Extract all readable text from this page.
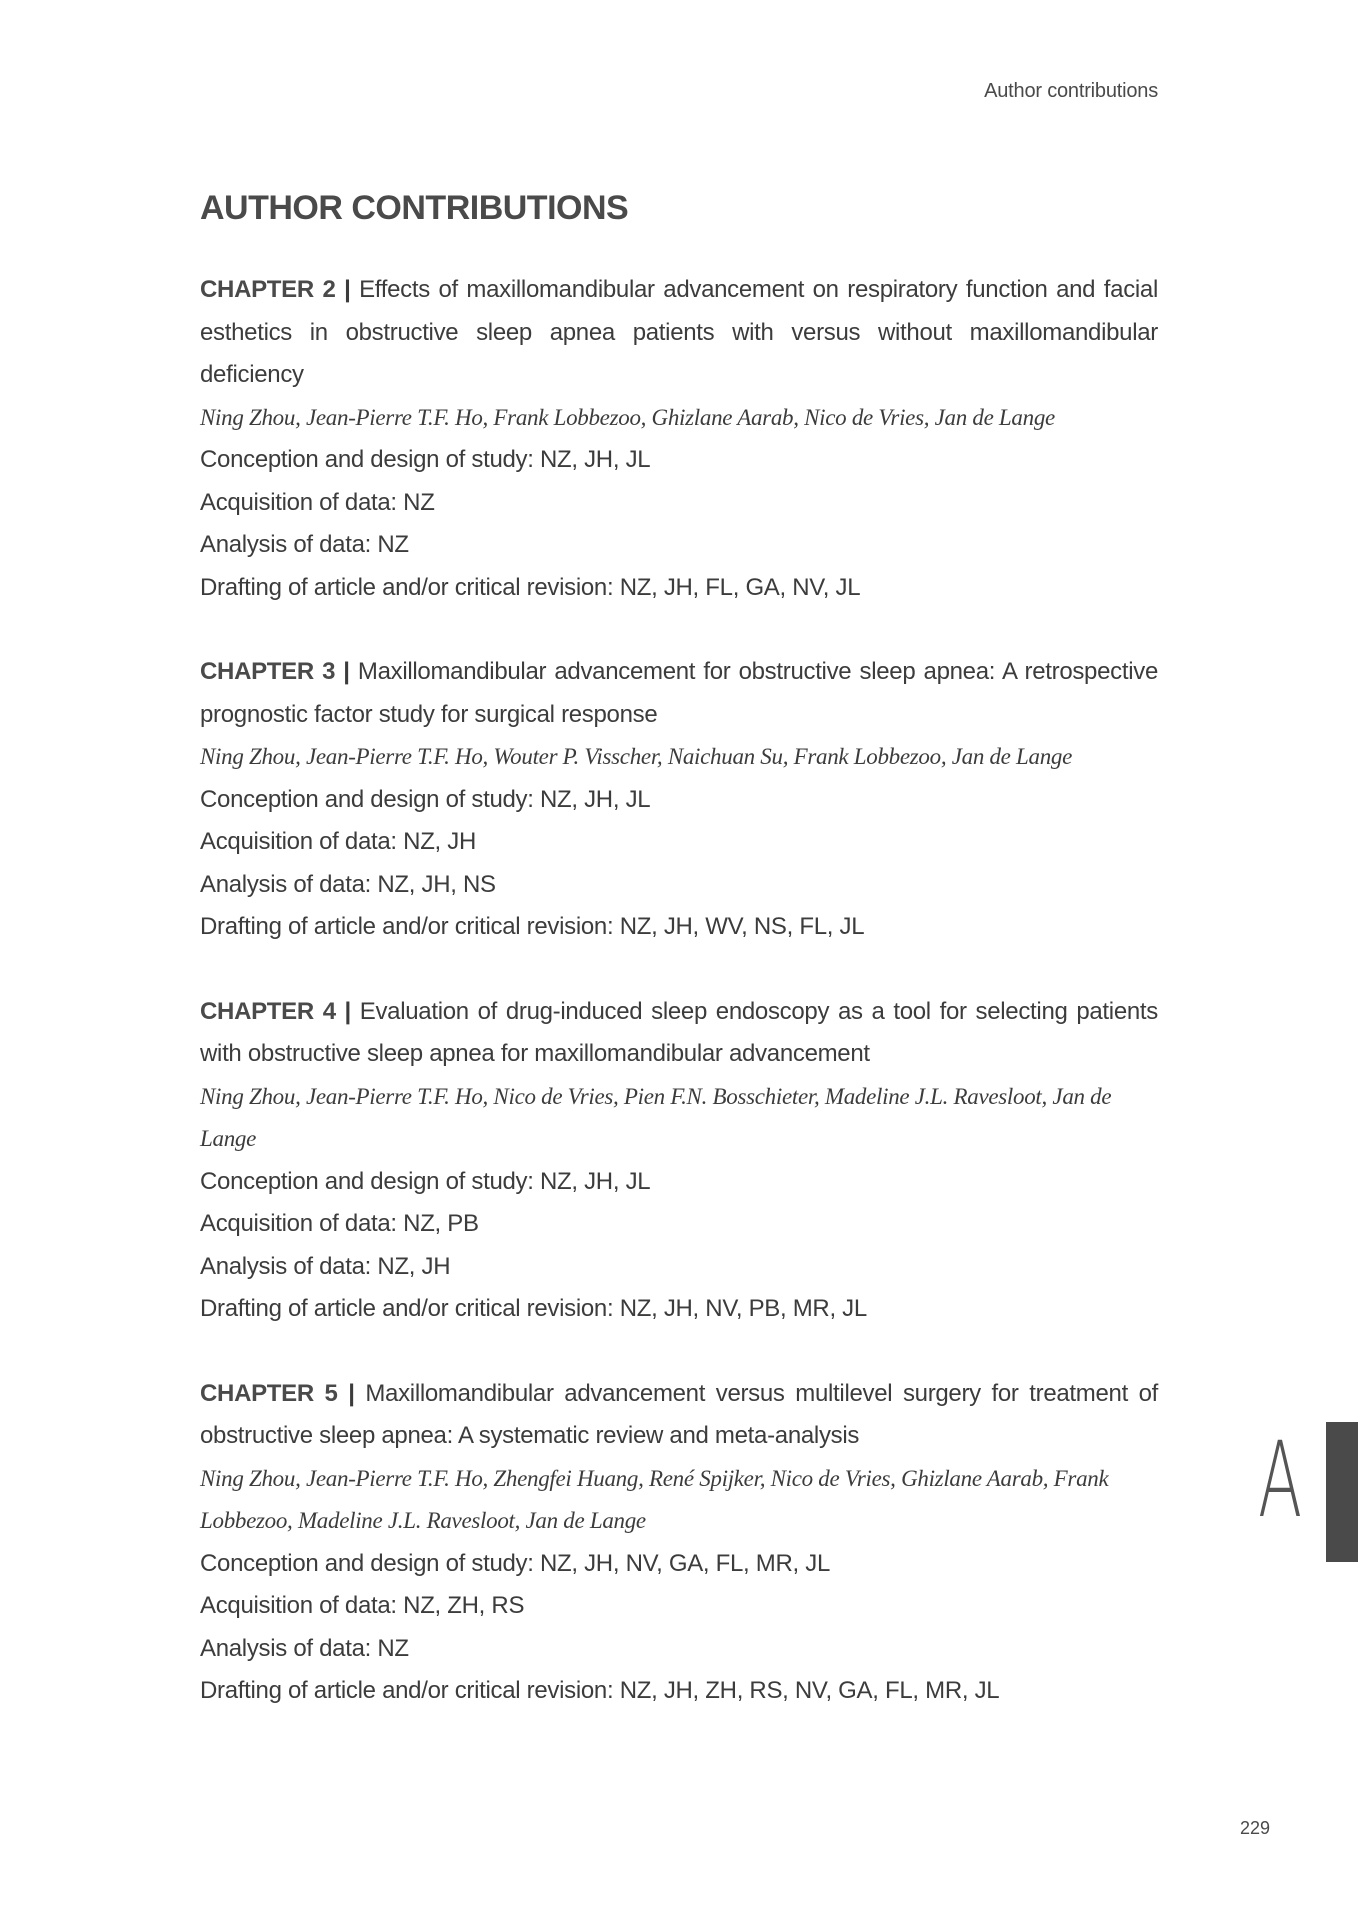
Author contributions
AUTHOR CONTRIBUTIONS
CHAPTER 2 | Effects of maxillomandibular advancement on respiratory function and facial esthetics in obstructive sleep apnea patients with versus without maxillomandibular deficiency
Ning Zhou, Jean-Pierre T.F. Ho, Frank Lobbezoo, Ghizlane Aarab, Nico de Vries, Jan de Lange
Conception and design of study: NZ, JH, JL
Acquisition of data: NZ
Analysis of data: NZ
Drafting of article and/or critical revision: NZ, JH, FL, GA, NV, JL
CHAPTER 3 | Maxillomandibular advancement for obstructive sleep apnea: A retrospective prognostic factor study for surgical response
Ning Zhou, Jean-Pierre T.F. Ho, Wouter P. Visscher, Naichuan Su, Frank Lobbezoo, Jan de Lange
Conception and design of study: NZ, JH, JL
Acquisition of data: NZ, JH
Analysis of data: NZ, JH, NS
Drafting of article and/or critical revision: NZ, JH, WV, NS, FL, JL
CHAPTER 4 | Evaluation of drug-induced sleep endoscopy as a tool for selecting patients with obstructive sleep apnea for maxillomandibular advancement
Ning Zhou, Jean-Pierre T.F. Ho, Nico de Vries, Pien F.N. Bosschieter, Madeline J.L. Ravesloot, Jan de Lange
Conception and design of study: NZ, JH, JL
Acquisition of data: NZ, PB
Analysis of data: NZ, JH
Drafting of article and/or critical revision: NZ, JH, NV, PB, MR, JL
CHAPTER 5 | Maxillomandibular advancement versus multilevel surgery for treatment of obstructive sleep apnea: A systematic review and meta-analysis
Ning Zhou, Jean-Pierre T.F. Ho, Zhengfei Huang, René Spijker, Nico de Vries, Ghizlane Aarab, Frank Lobbezoo, Madeline J.L. Ravesloot, Jan de Lange
Conception and design of study: NZ, JH, NV, GA, FL, MR, JL
Acquisition of data: NZ, ZH, RS
Analysis of data: NZ
Drafting of article and/or critical revision: NZ, JH, ZH, RS, NV, GA, FL, MR, JL
A
229
